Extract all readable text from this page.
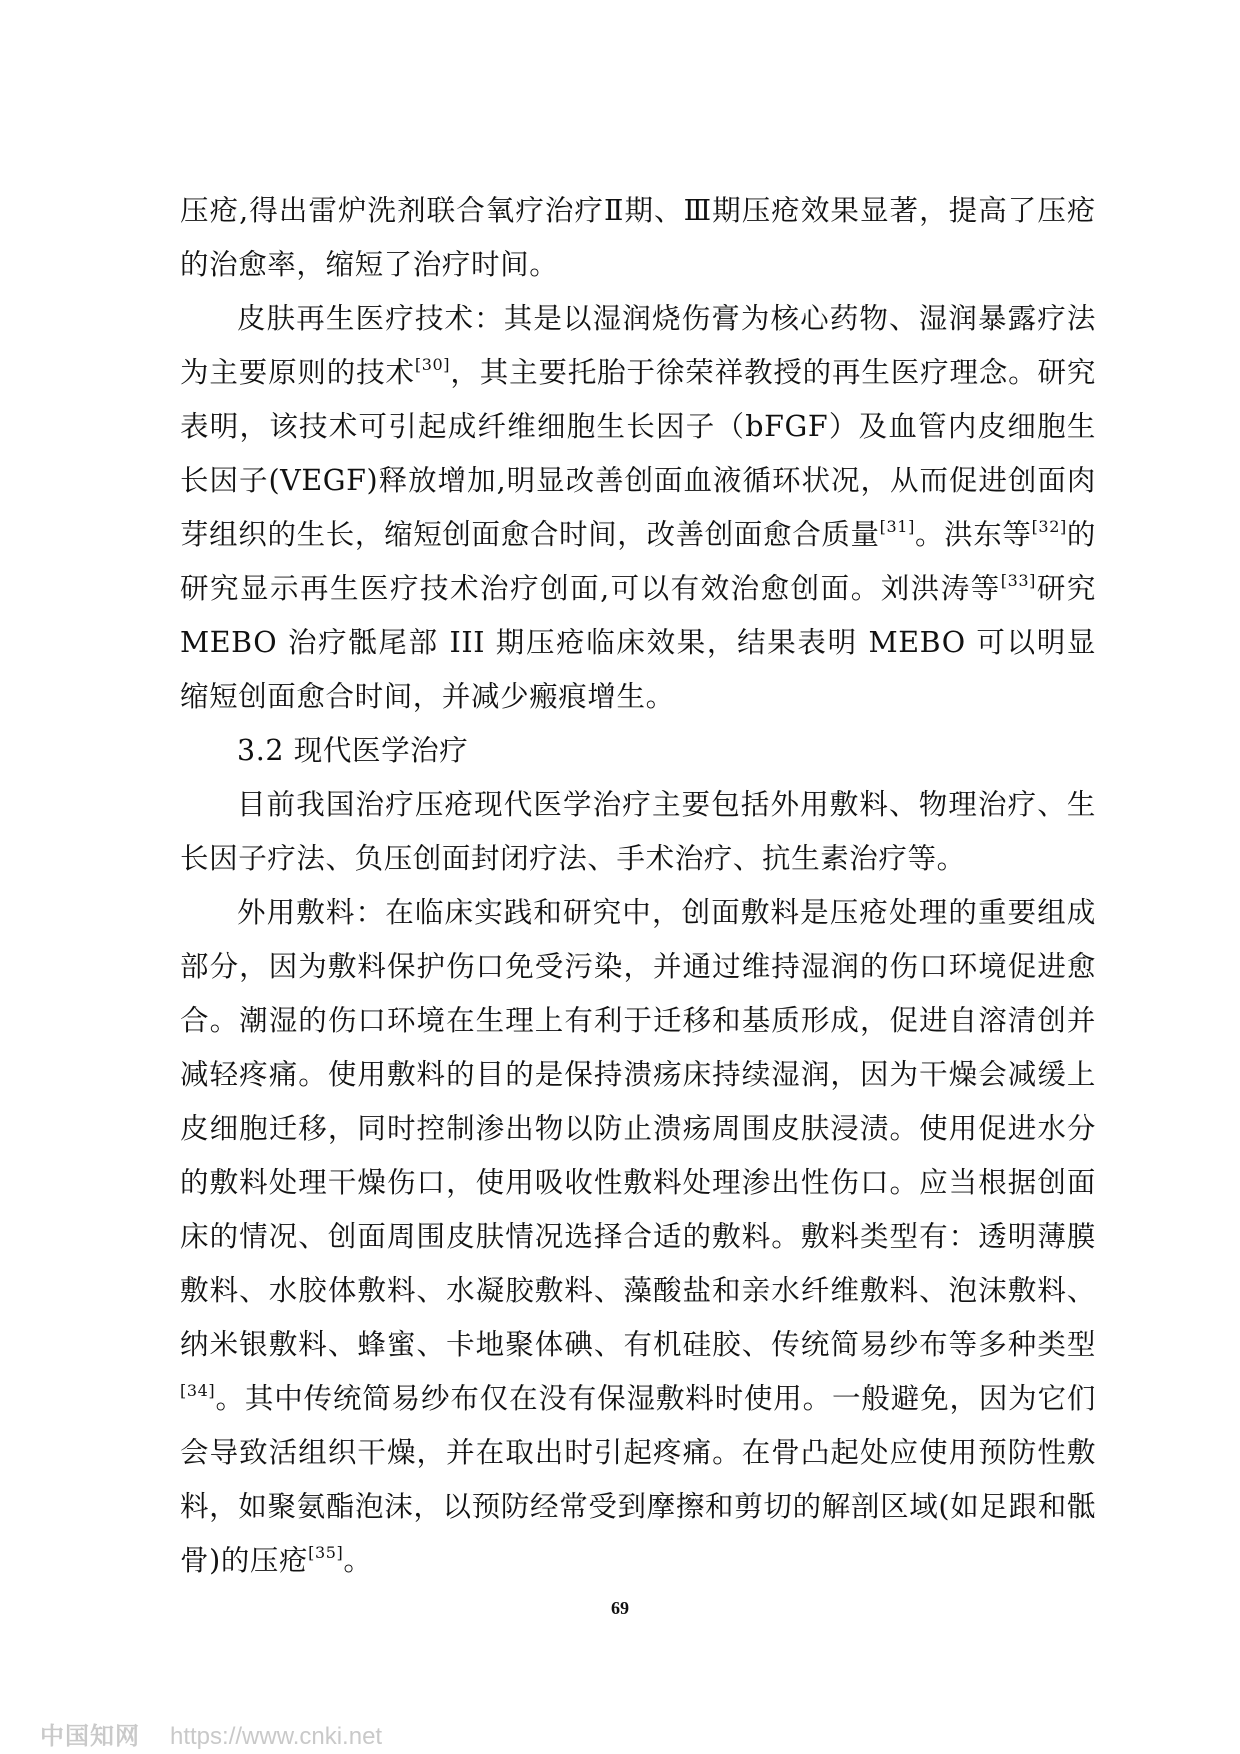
压疮,得出雷炉洗剂联合氧疗治疗Ⅱ期、Ⅲ期压疮效果显著，提高了压疮的治愈率，缩短了治疗时间。

皮肤再生医疗技术：其是以湿润烧伤膏为核心药物、湿润暴露疗法为主要原则的技术[30]，其主要托胎于徐荣祥教授的再生医疗理念。研究表明，该技术可引起成纤维细胞生长因子（bFGF）及血管内皮细胞生长因子(VEGF)释放增加,明显改善创面血液循环状况，从而促进创面肉芽组织的生长，缩短创面愈合时间，改善创面愈合质量[31]。洪东等[32]的研究显示再生医疗技术治疗创面,可以有效治愈创面。刘洪涛等[33]研究 MEBO 治疗骶尾部 III 期压疮临床效果，结果表明 MEBO 可以明显缩短创面愈合时间，并减少瘢痕增生。

3.2 现代医学治疗

目前我国治疗压疮现代医学治疗主要包括外用敷料、物理治疗、生长因子疗法、负压创面封闭疗法、手术治疗、抗生素治疗等。

外用敷料：在临床实践和研究中，创面敷料是压疮处理的重要组成部分，因为敷料保护伤口免受污染，并通过维持湿润的伤口环境促进愈合。潮湿的伤口环境在生理上有利于迁移和基质形成，促进自溶清创并减轻疼痛。使用敷料的目的是保持溃疡床持续湿润，因为干燥会减缓上皮细胞迁移，同时控制渗出物以防止溃疡周围皮肤浸渍。使用促进水分的敷料处理干燥伤口，使用吸收性敷料处理渗出性伤口。应当根据创面床的情况、创面周围皮肤情况选择合适的敷料。敷料类型有：透明薄膜敷料、水胶体敷料、水凝胶敷料、藻酸盐和亲水纤维敷料、泡沫敷料、纳米银敷料、蜂蜜、卡地聚体碘、有机硅胶、传统简易纱布等多种类型[34]。其中传统简易纱布仅在没有保湿敷料时使用。一般避免，因为它们会导致活组织干燥，并在取出时引起疼痛。在骨凸起处应使用预防性敷料，如聚氨酯泡沫，以预防经常受到摩擦和剪切的解剖区域(如足跟和骶骨)的压疮[35]。

69
中国知网 https://www.cnki.net
